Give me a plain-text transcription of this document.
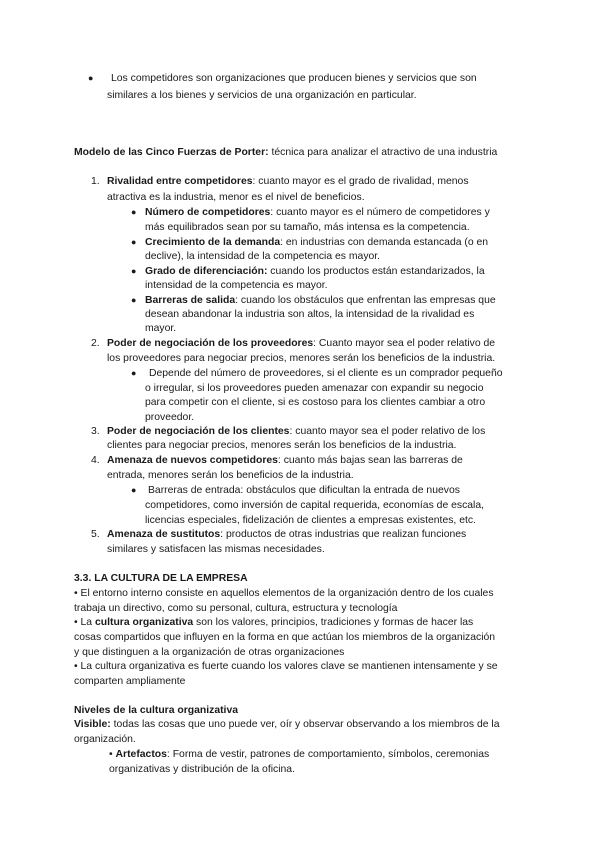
● Los competidores son organizaciones que producen bienes y servicios que son
similares a los bienes y servicios de una organización en particular.
Modelo de las Cinco Fuerzas de Porter: técnica para analizar el atractivo de una industria
1. Rivalidad entre competidores: cuanto mayor es el grado de rivalidad, menos
atractiva es la industria, menor es el nivel de beneficios.
● Número de competidores: cuanto mayor es el número de competidores y
más equilibrados sean por su tamaño, más intensa es la competencia.
● Crecimiento de la demanda: en industrias con demanda estancada (o en
declive), la intensidad de la competencia es mayor.
● Grado de diferenciación: cuando los productos están estandarizados, la
intensidad de la competencia es mayor.
● Barreras de salida: cuando los obstáculos que enfrentan las empresas que
desean abandonar la industria son altos, la intensidad de la rivalidad es
mayor.
2. Poder de negociación de los proveedores: Cuanto mayor sea el poder relativo de
los proveedores para negociar precios, menores serán los beneficios de la industria.
● Depende del número de proveedores, si el cliente es un comprador pequeño
o irregular, si los proveedores pueden amenazar con expandir su negocio
para competir con el cliente, si es costoso para los clientes cambiar a otro
proveedor.
3. Poder de negociación de los clientes: cuanto mayor sea el poder relativo de los
clientes para negociar precios, menores serán los beneficios de la industria.
4. Amenaza de nuevos competidores: cuanto más bajas sean las barreras de
entrada, menores serán los beneficios de la industria.
● Barreras de entrada: obstáculos que dificultan la entrada de nuevos
competidores, como inversión de capital requerida, economías de escala,
licencias especiales, fidelización de clientes a empresas existentes, etc.
5. Amenaza de sustitutos: productos de otras industrias que realizan funciones
similares y satisfacen las mismas necesidades.
3.3. LA CULTURA DE LA EMPRESA
• El entorno interno consiste en aquellos elementos de la organización dentro de los cuales
trabaja un directivo, como su personal, cultura, estructura y tecnología
• La cultura organizativa son los valores, principios, tradiciones y formas de hacer las
cosas compartidos que influyen en la forma en que actúan los miembros de la organización
y que distinguen a la organización de otras organizaciones
• La cultura organizativa es fuerte cuando los valores clave se mantienen intensamente y se
comparten ampliamente
Niveles de la cultura organizativa
Visible: todas las cosas que uno puede ver, oír y observar observando a los miembros de la
organización.
• Artefactos: Forma de vestir, patrones de comportamiento, símbolos, ceremonias
organizativas y distribución de la oficina.
